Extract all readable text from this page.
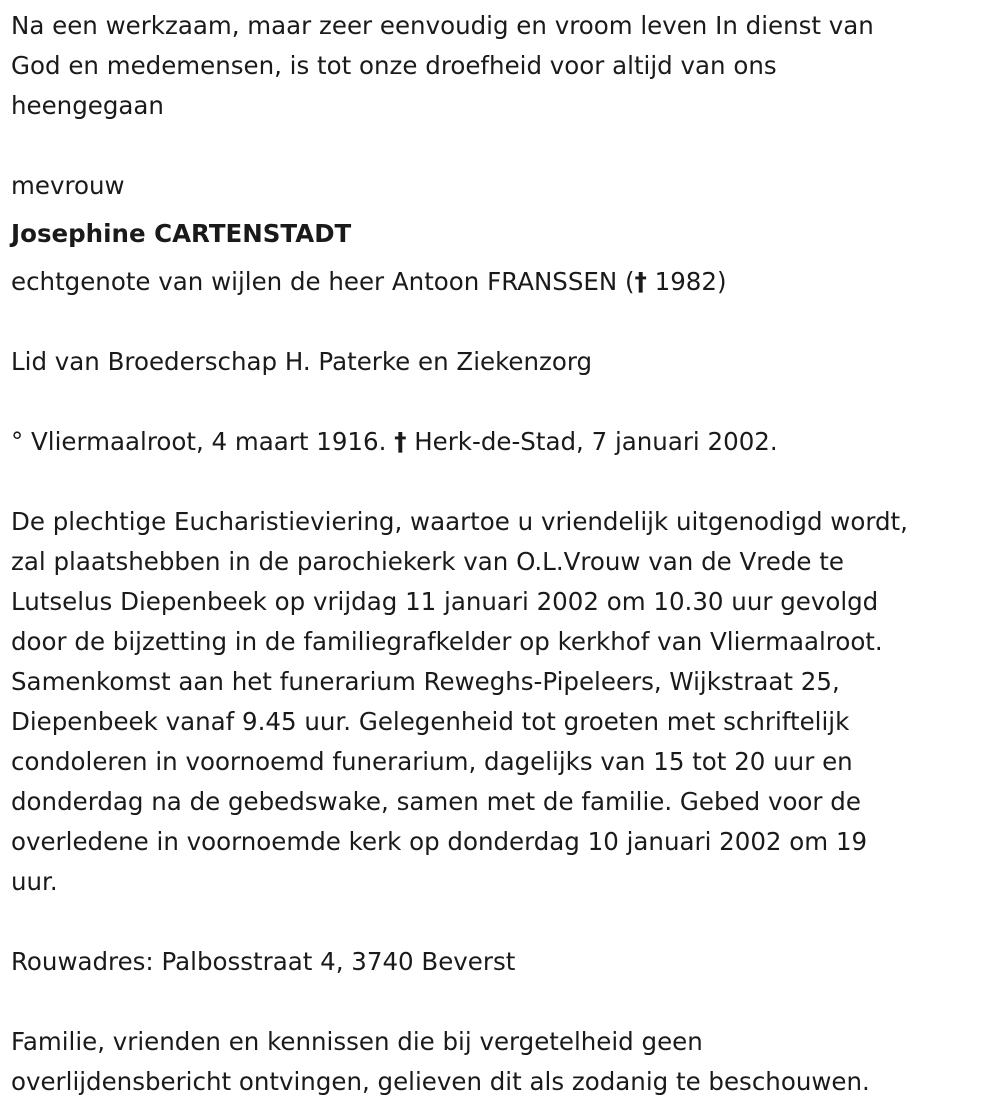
Na een werkzaam, maar zeer eenvoudig en vroom leven In dienst van
God en medemensen, is tot onze droefheid voor altijd van ons
heengegaan

mevrouw

Josephine CARTENSTADT

echtgenote van wijlen de heer Antoon FRANSSEN († 1982)

Lid van Broederschap H. Paterke en Ziekenzorg

° Vliermaalroot, 4 maart 1916. † Herk-de-Stad, 7 januari 2002.

De plechtige Eucharistieviering, waartoe u vriendelijk uitgenodigd wordt,
zal plaatshebben in de parochiekerk van O.L.Vrouw van de Vrede te
Lutselus Diepenbeek op vrijdag 11 januari 2002 om 10.30 uur gevolgd
door de bijzetting in de familiegrafkelder op kerkhof van Vliermaalroot.
Samenkomst aan het funerarium Reweghs-Pipeleers, Wijkstraat 25,
Diepenbeek vanaf 9.45 uur. Gelegenheid tot groeten met schriftelijk
condoleren in voornoemd funerarium, dagelijks van 15 tot 20 uur en
donderdag na de gebedswake, samen met de familie. Gebed voor de
overledene in voornoemde kerk op donderdag 10 januari 2002 om 19
uur.

Rouwadres: Palbosstraat 4, 3740 Beverst

Familie, vrienden en kennissen die bij vergetelheid geen
overlijdensbericht ontvingen, gelieven dit als zodanig te beschouwen.
